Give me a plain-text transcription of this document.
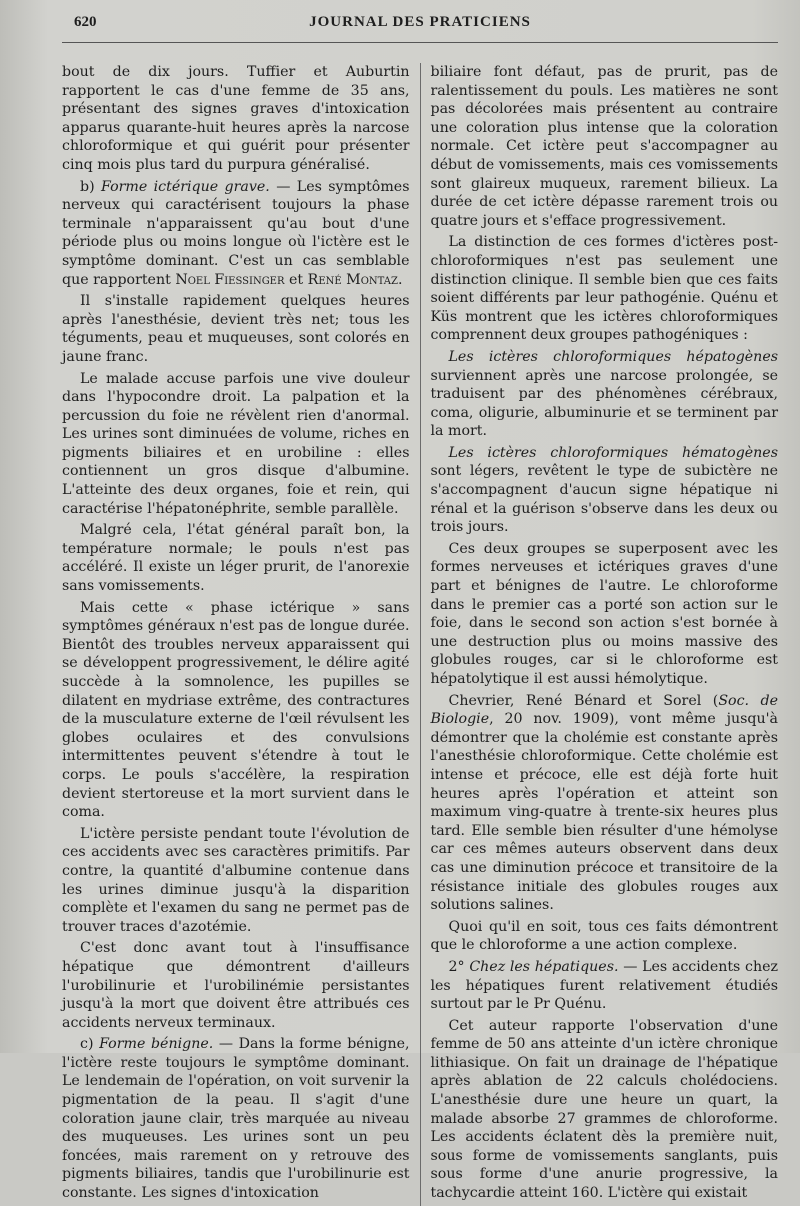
620	JOURNAL DES PRATICIENS

bout de dix jours. Tuffier et Auburtin rapportent le cas d'une femme de 35 ans, présentant des signes graves d'intoxication apparus quarante-huit heures après la narcose chloroformique et qui guérit pour présenter cinq mois plus tard du purpura généralisé.

b) Forme ictérique grave. — Les symptômes nerveux qui caractérisent toujours la phase terminale n'apparaissent qu'au bout d'une période plus ou moins longue où l'ictère est le symptôme dominant. C'est un cas semblable que rapportent Noel Fiessinger et René Montaz.

Il s'installe rapidement quelques heures après l'anesthésie, devient très net; tous les téguments, peau et muqueuses, sont colorés en jaune franc.

Le malade accuse parfois une vive douleur dans l'hypocondre droit. La palpation et la percussion du foie ne révèlent rien d'anormal. Les urines sont diminuées de volume, riches en pigments biliaires et en urobiline : elles contiennent un gros disque d'albumine. L'atteinte des deux organes, foie et rein, qui caractérise l'hépatonéphrite, semble parallèle.

Malgré cela, l'état général paraît bon, la température normale; le pouls n'est pas accéléré. Il existe un léger prurit, de l'anorexie sans vomissements.

Mais cette « phase ictérique » sans symptômes généraux n'est pas de longue durée. Bientôt des troubles nerveux apparaissent qui se développent progressivement, le délire agité succède à la somnolence, les pupilles se dilatent en mydriase extrême, des contractures de la musculature externe de l'œil révulsent les globes oculaires et des convulsions intermittentes peuvent s'étendre à tout le corps. Le pouls s'accélère, la respiration devient stertoreuse et la mort survient dans le coma.

L'ictère persiste pendant toute l'évolution de ces accidents avec ses caractères primitifs. Par contre, la quantité d'albumine contenue dans les urines diminue jusqu'à la disparition complète et l'examen du sang ne permet pas de trouver traces d'azotémie.

C'est donc avant tout à l'insuffisance hépatique que démontrent d'ailleurs l'urobilinurie et l'urobilinémie persistantes jusqu'à la mort que doivent être attribués ces accidents nerveux terminaux.

c) Forme bénigne. — Dans la forme bénigne, l'ictère reste toujours le symptôme dominant. Le lendemain de l'opération, on voit survenir la pigmentation de la peau. Il s'agit d'une coloration jaune clair, très marquée au niveau des muqueuses. Les urines sont un peu foncées, mais rarement on y retrouve des pigments biliaires, tandis que l'urobilinurie est constante. Les signes d'intoxication

biliaire font défaut, pas de prurit, pas de ralentissement du pouls. Les matières ne sont pas décolorées mais présentent au contraire une coloration plus intense que la coloration normale. Cet ictère peut s'accompagner au début de vomissements, mais ces vomissements sont glaireux muqueux, rarement bilieux. La durée de cet ictère dépasse rarement trois ou quatre jours et s'efface progressivement.

La distinction de ces formes d'ictères post-chloroformiques n'est pas seulement une distinction clinique. Il semble bien que ces faits soient différents par leur pathogénie. Quénu et Küs montrent que les ictères chloroformiques comprennent deux groupes pathogéniques :

Les ictères chloroformiques hépatogènes surviennent après une narcose prolongée, se traduisent par des phénomènes cérébraux, coma, oligurie, albuminurie et se terminent par la mort.

Les ictères chloroformiques hématogènes sont légers, revêtent le type de subictère ne s'accompagnent d'aucun signe hépatique ni rénal et la guérison s'observe dans les deux ou trois jours.

Ces deux groupes se superposent avec les formes nerveuses et ictériques graves d'une part et bénignes de l'autre. Le chloroforme dans le premier cas a porté son action sur le foie, dans le second son action s'est bornée à une destruction plus ou moins massive des globules rouges, car si le chloroforme est hépatolytique il est aussi hémolytique.

Chevrier, René Bénard et Sorel (Soc. de Biologie, 20 nov. 1909), vont même jusqu'à démontrer que la cholémie est constante après l'anesthésie chloroformique. Cette cholémie est intense et précoce, elle est déjà forte huit heures après l'opération et atteint son maximum ving-quatre à trente-six heures plus tard. Elle semble bien résulter d'une hémolyse car ces mêmes auteurs observent dans deux cas une diminution précoce et transitoire de la résistance initiale des globules rouges aux solutions salines.

Quoi qu'il en soit, tous ces faits démontrent que le chloroforme a une action complexe.

2° Chez les hépatiques. — Les accidents chez les hépatiques furent relativement étudiés surtout par le Pr Quénu.

Cet auteur rapporte l'observation d'une femme de 50 ans atteinte d'un ictère chronique lithiasique. On fait un drainage de l'hépatique après ablation de 22 calculs cholédociens. L'anesthésie dure une heure un quart, la malade absorbe 27 grammes de chloroforme. Les accidents éclatent dès la première nuit, sous forme de vomissements sanglants, puis sous forme d'une anurie progressive, la tachycardie atteint 160. L'ictère qui existait
